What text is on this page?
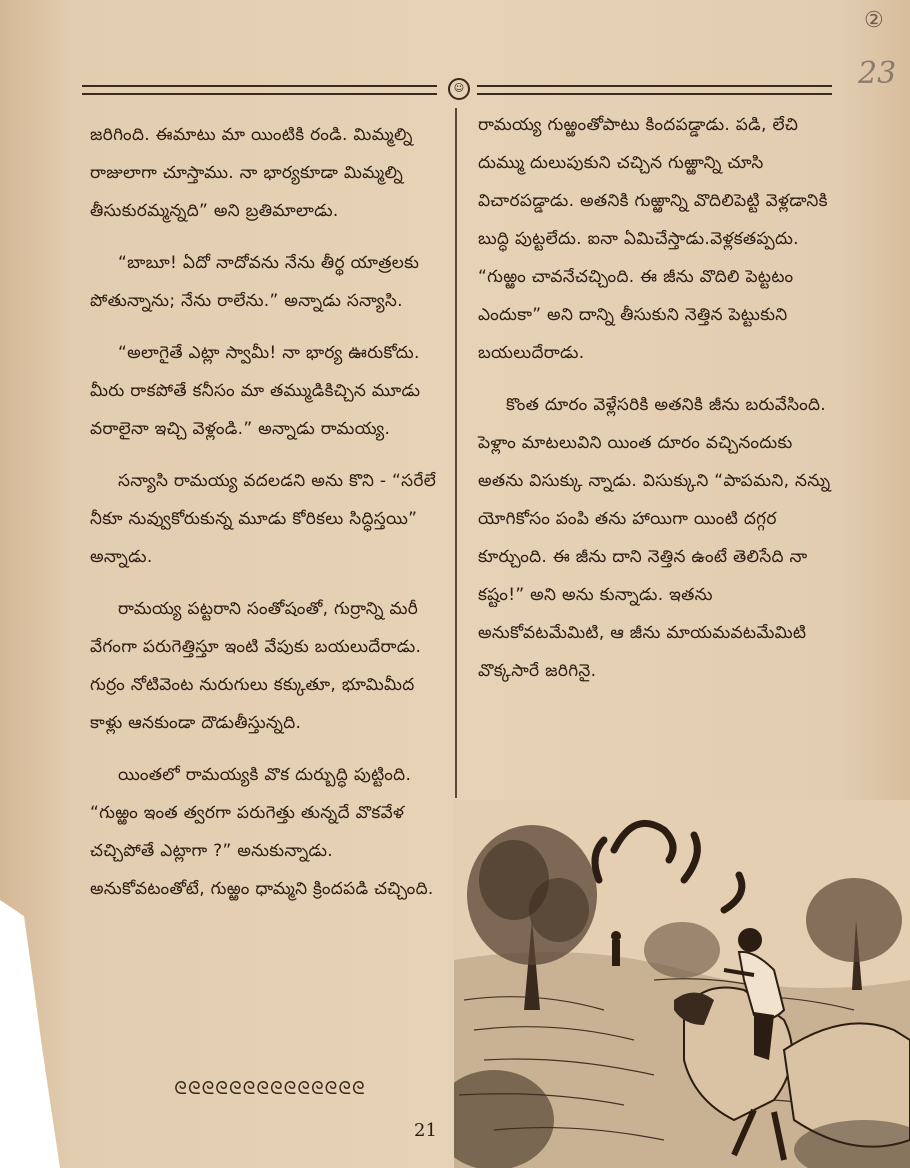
②
23
☺

జరిగింది. ఈమాటు మా యింటికి రండి. మిమ్మల్ని రాజులాగా చూస్తాము. నా భార్యకూడా మిమ్మల్ని తీసుకురమ్మన్నది” అని బ్రతిమాలాడు.

“బాబూ! ఏదో నాదోవను నేను తీర్థ యాత్రలకు పోతున్నాను; నేను రాలేను.” అన్నాడు సన్యాసి.

“అలాగైతే ఎట్లా స్వామీ! నా భార్య ఊరుకోదు. మీరు రాకపోతే కనీసం మా తమ్ముడికిచ్చిన మూడు వరాలైనా ఇచ్చి వెళ్లండి.” అన్నాడు రామయ్య.

సన్యాసి రామయ్య వదలడని అను కొని - “సరేలే నీకూ నువ్వుకోరుకున్న మూడు కోరికలు సిద్ధిస్తయి” అన్నాడు.

రామయ్య పట్టరాని సంతోషంతో, గుర్రాన్ని మరీ వేగంగా పరుగెత్తిస్తూ ఇంటి వేపుకు బయలుదేరాడు. గుర్రం నోటివెంట నురుగులు కక్కుతూ, భూమిమీద కాళ్లు ఆనకుండా దౌడుతీస్తున్నది.

యింతలో రామయ్యకి వొక దుర్బుద్ధి పుట్టింది. “గుఱ్ఱం ఇంత త్వరగా పరుగెత్తు తున్నదే వొకవేళ చచ్చిపోతే ఎట్లాగా ?” అనుకున్నాడు. అనుకోవటంతోటే, గుఱ్ఱం ధామ్మని క్రిందపడి చచ్చింది.

రామయ్య గుఱ్ఱంతోపాటు కిందపడ్డాడు. పడి, లేచి దుమ్ము దులుపుకుని చచ్చిన గుఱ్ఱాన్ని చూసి విచారపడ్డాడు. అతనికి గుఱ్ఱాన్ని వొదిలిపెట్టి వెళ్లడానికి బుద్ధి పుట్టలేదు. ఐనా ఏమిచేస్తాడు.వెళ్లకతప్పదు. “గుఱ్ఱం చావనేచచ్చింది. ఈ జీను వొదిలి పెట్టటం ఎందుకా” అని దాన్ని తీసుకుని నెత్తిన పెట్టుకుని బయలుదేరాడు.

కొంత దూరం వెళ్లేసరికి అతనికి జీను బరువేసింది. పెళ్లాం మాటలువిని యింత దూరం వచ్చినందుకు అతను విసుక్కు న్నాడు. విసుక్కుని “పాపమని, నన్ను యోగికోసం పంపి తను హాయిగా యింటి దగ్గర కూర్చుంది. ఈ జీను దాని నెత్తిన ఉంటే తెలిసేది నా కష్టం!” అని అను కున్నాడు. ఇతను అనుకోవటమేమిటి, ఆ జీను మాయమవటమేమిటి వొక్కసారే జరిగినై.

ᘓᘓᘓᘓᘓᘓᘓᘓᘓᘓᘓᘓᘓᘓ
21
